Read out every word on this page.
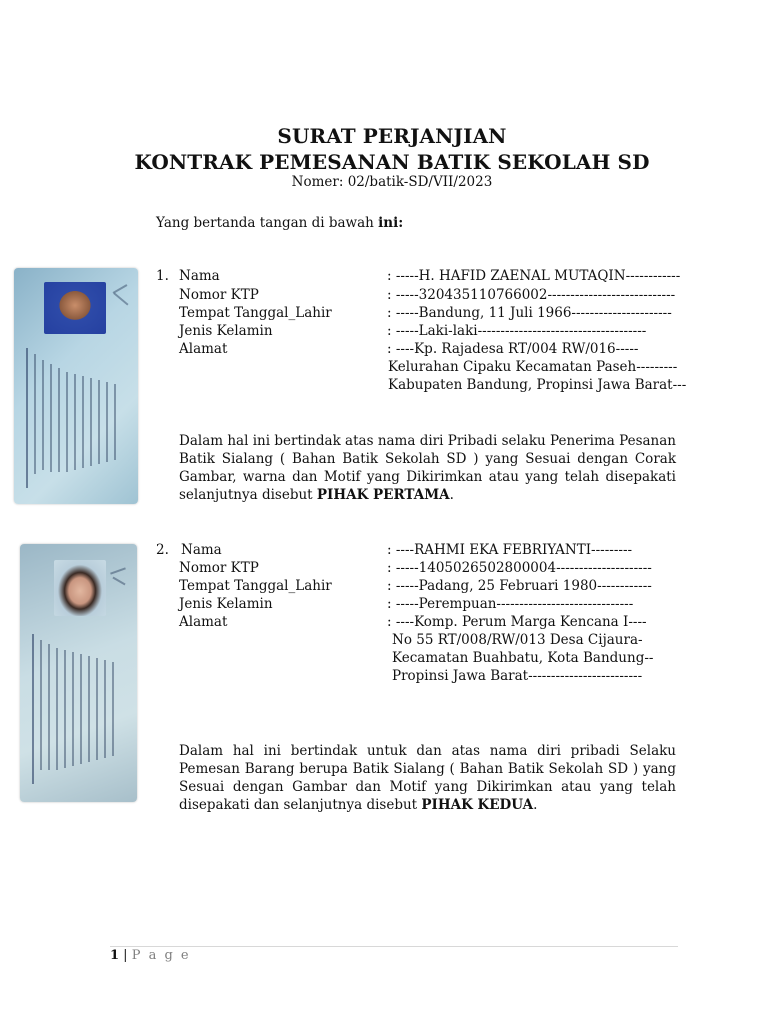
SURAT PERJANJIAN
KONTRAK PEMESANAN BATIK SEKOLAH SD
Nomer: 02/batik-SD/VII/2023
Yang bertanda tangan di bawah ini:
1. Nama	: -----H. HAFID ZAENAL MUTAQIN------------
Nomor KTP	: -----320435110766002----------------------------
Tempat Tanggal_Lahir	: -----Bandung, 11 Juli 1966----------------------
Jenis Kelamin	: -----Laki-laki-------------------------------------
Alamat	: ----Kp. Rajadesa RT/004 RW/016-----
Kelurahan Cipaku Kecamatan Paseh---------
Kabupaten Bandung, Propinsi Jawa Barat---
Dalam hal ini bertindak atas nama diri Pribadi selaku Penerima Pesanan Batik Sialang ( Bahan Batik Sekolah SD ) yang Sesuai dengan Corak Gambar, warna dan Motif yang Dikirimkan atau yang telah disepakati selanjutnya disebut PIHAK PERTAMA.
2. Nama	: ----RAHMI EKA FEBRIYANTI---------
Nomor KTP	: -----1405026502800004---------------------
Tempat Tanggal_Lahir	: -----Padang, 25 Februari 1980------------
Jenis Kelamin	: -----Perempuan------------------------------
Alamat	: ----Komp. Perum Marga Kencana I----
No 55 RT/008/RW/013 Desa Cijaura-
Kecamatan Buahbatu, Kota Bandung--
Propinsi Jawa Barat-------------------------
Dalam hal ini bertindak untuk dan atas nama diri pribadi Selaku Pemesan Barang berupa Batik Sialang ( Bahan Batik Sekolah SD ) yang Sesuai dengan Gambar dan Motif yang Dikirimkan atau yang telah disepakati dan selanjutnya disebut PIHAK KEDUA.
1 | P a g e
